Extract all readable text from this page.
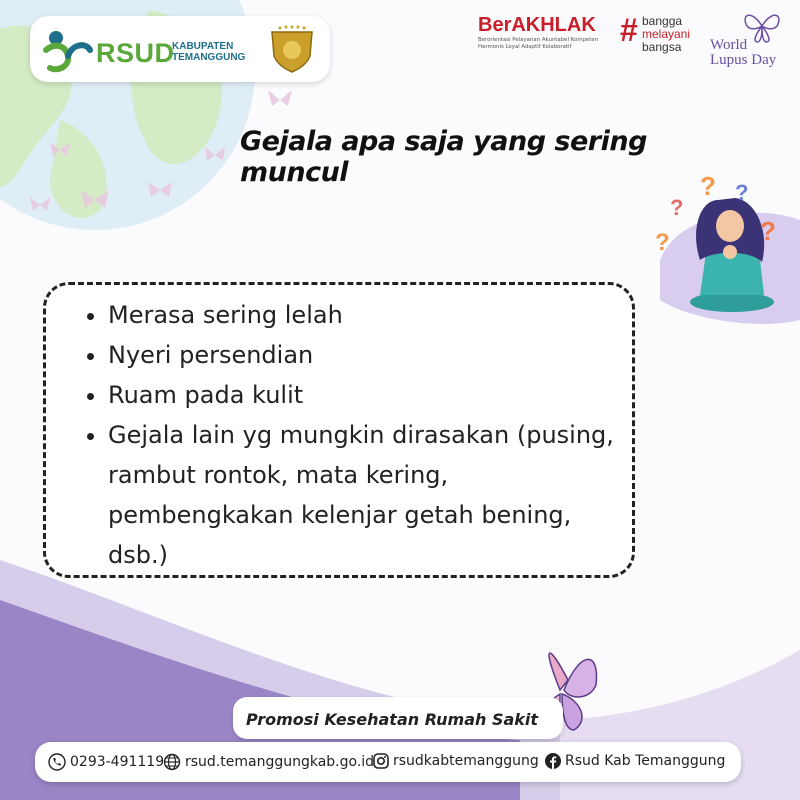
?
?
? ?
?
RSUD
KABUPATEN
TEMANGGUNG
BerAKHLAK
Berorientasi Pelayanan Akuntabel Kompeten Harmonis Loyal Adaptif Kolaboratif	# bangga
melayani
bangsa	World
Lupus Day
Gejala apa saja yang sering muncul
• Merasa sering lelah
• Nyeri persendian
• Ruam pada kulit
• Gejala lain yg mungkin dirasakan (pusing, rambut rontok, mata kering, pembengkakan kelenjar getah bening, dsb.)
Promosi Kesehatan Rumah Sakit
0293-491119 rsud.temanggungkab.go.id rsudkabtemanggung Rsud Kab Temanggung
